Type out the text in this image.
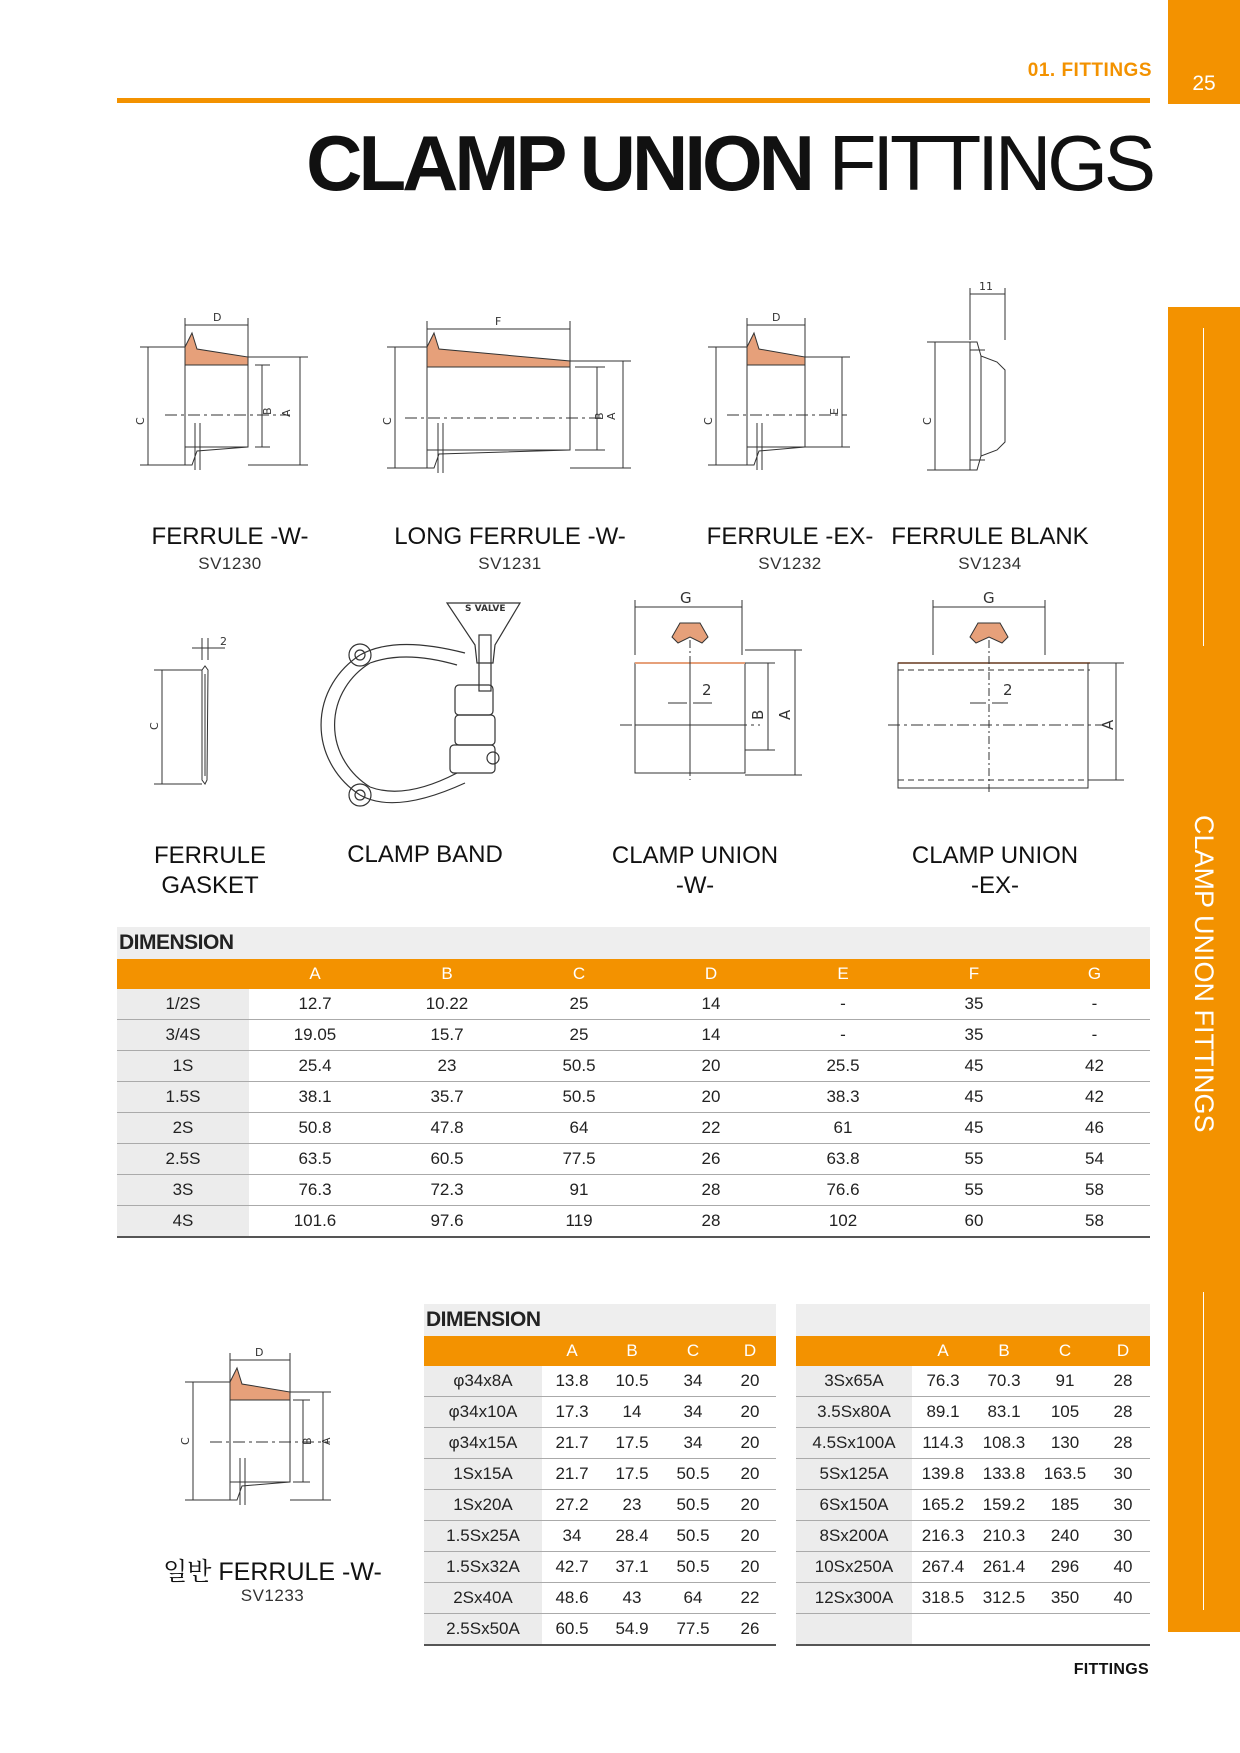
25
01. FITTINGS
CLAMP UNION FITTINGS
CLAMP UNION FITTINGS
D
C
B A
FERRULE -W-
SV1230
F
C
B A
LONG FERRULE -W-
SV1231
D
C
E
FERRULE -EX-
SV1232
11
C
FERRULE BLANK
SV1234
2
C
FERRULE
GASKET
S VALVE
CLAMP BAND
G
2
B A
CLAMP UNION
-W-
G
2
A
CLAMP UNION
-EX-
DIMENSION
	A	B	C	D	E	F	G
1/2S	12.7	10.22	25	14	-	35	-
3/4S	19.05	15.7	25	14	-	35	-
1S	25.4	23	50.5	20	25.5	45	42
1.5S	38.1	35.7	50.5	20	38.3	45	42
2S	50.8	47.8	64	22	61	45	46
2.5S	63.5	60.5	77.5	26	63.8	55	54
3S	76.3	72.3	91	28	76.6	55	58
4S	101.6	97.6	119	28	102	60	58
D
C	B A
일반 FERRULE -W-
SV1233
DIMENSION
	A	B	C	D
φ34x8A	13.8	10.5	34	20
φ34x10A	17.3	14	34	20
φ34x15A	21.7	17.5	34	20
1Sx15A	21.7	17.5	50.5	20
1Sx20A	27.2	23	50.5	20
1.5Sx25A	34	28.4	50.5	20
1.5Sx32A	42.7	37.1	50.5	20
2Sx40A	48.6	43	64	22
2.5Sx50A	60.5	54.9	77.5	26
	A	B	C	D
3Sx65A	76.3	70.3	91	28
3.5Sx80A	89.1	83.1	105	28
4.5Sx100A	114.3	108.3	130	28
5Sx125A	139.8	133.8	163.5	30
6Sx150A	165.2	159.2	185	30
8Sx200A	216.3	210.3	240	30
10Sx250A	267.4	261.4	296	40
12Sx300A	318.5	312.5	350	40

FITTINGS
